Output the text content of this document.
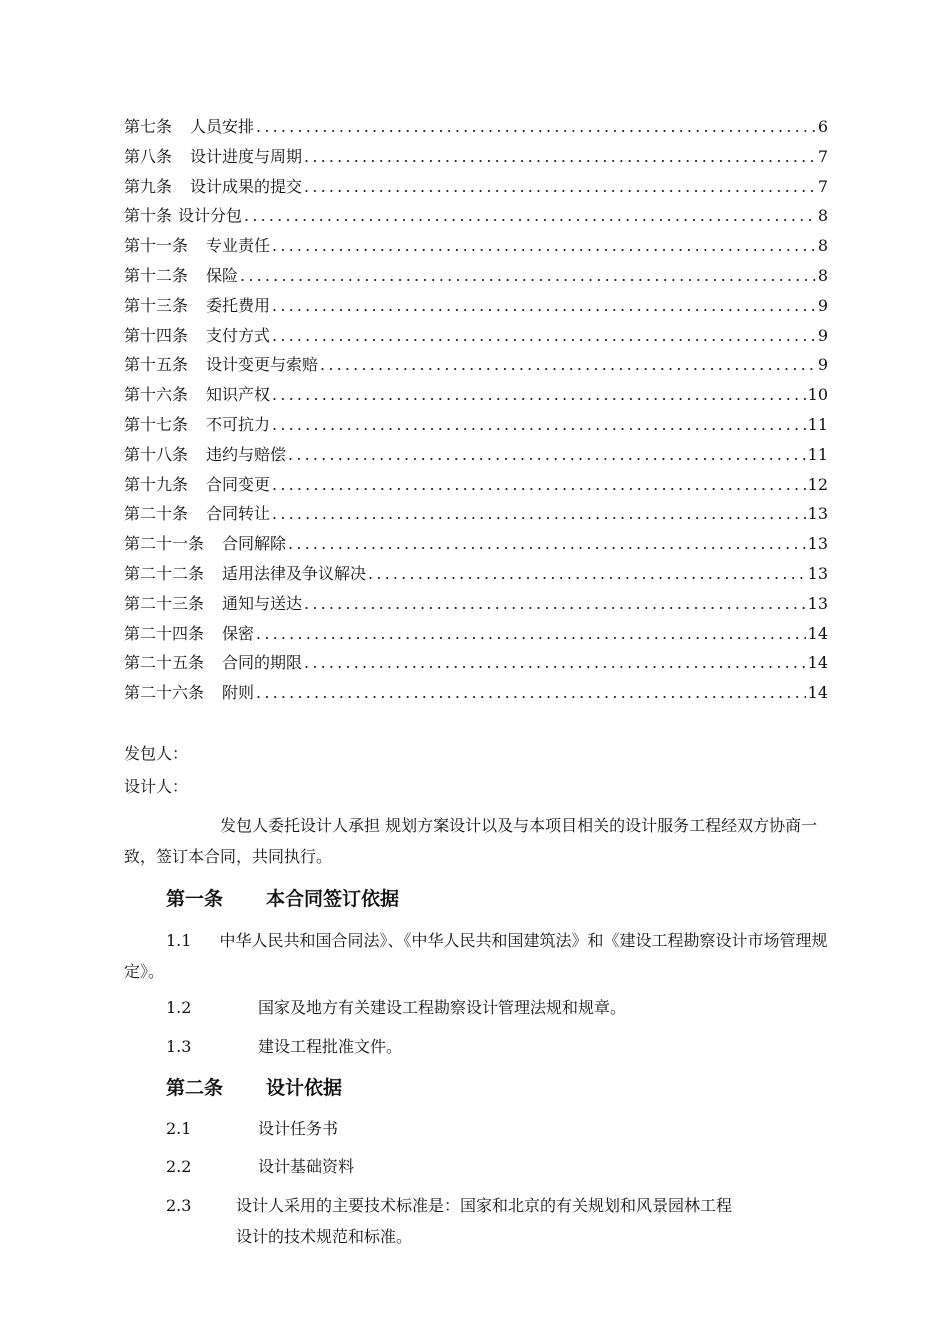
第七条 人员安排 .....	6
第八条 设计进度与周期 .....	7
第九条 设计成果的提交 .....	7
第十条 设计分包 .....	8
第十一条 专业责任 .....	8
第十二条 保险 .....	8
第十三条 委托费用 .....	9
第十四条 支付方式 .....	9
第十五条 设计变更与索赔 .....	9
第十六条 知识产权 .....	10
第十七条 不可抗力 .....	11
第十八条 违约与赔偿 .....	11
第十九条 合同变更 .....	12
第二十条 合同转让 .....	13
第二十一条 合同解除 .....	13
第二十二条 适用法律及争议解决 .....	13
第二十三条 通知与送达 .....	13
第二十四条 保密 .....	14
第二十五条 合同的期限 .....	14
第二十六条 附则 .....	14
发包人：
设计人：
发包人委托设计人承担 规划方案设计以及与本项目相关的设计服务工程经双方协商一致，签订本合同，共同执行。
第一条 本合同签订依据
1.1 中华人民共和国合同法》、《中华人民共和国建筑法》和《建设工程勘察设计市场管理规定》。
1.2	国家及地方有关建设工程勘察设计管理法规和规章。
1.3	建设工程批准文件。
第二条 设计依据
2.1	设计任务书
2.2	设计基础资料
2.3	设计人采用的主要技术标准是：国家和北京的有关规划和风景园林工程
设计的技术规范和标准。
